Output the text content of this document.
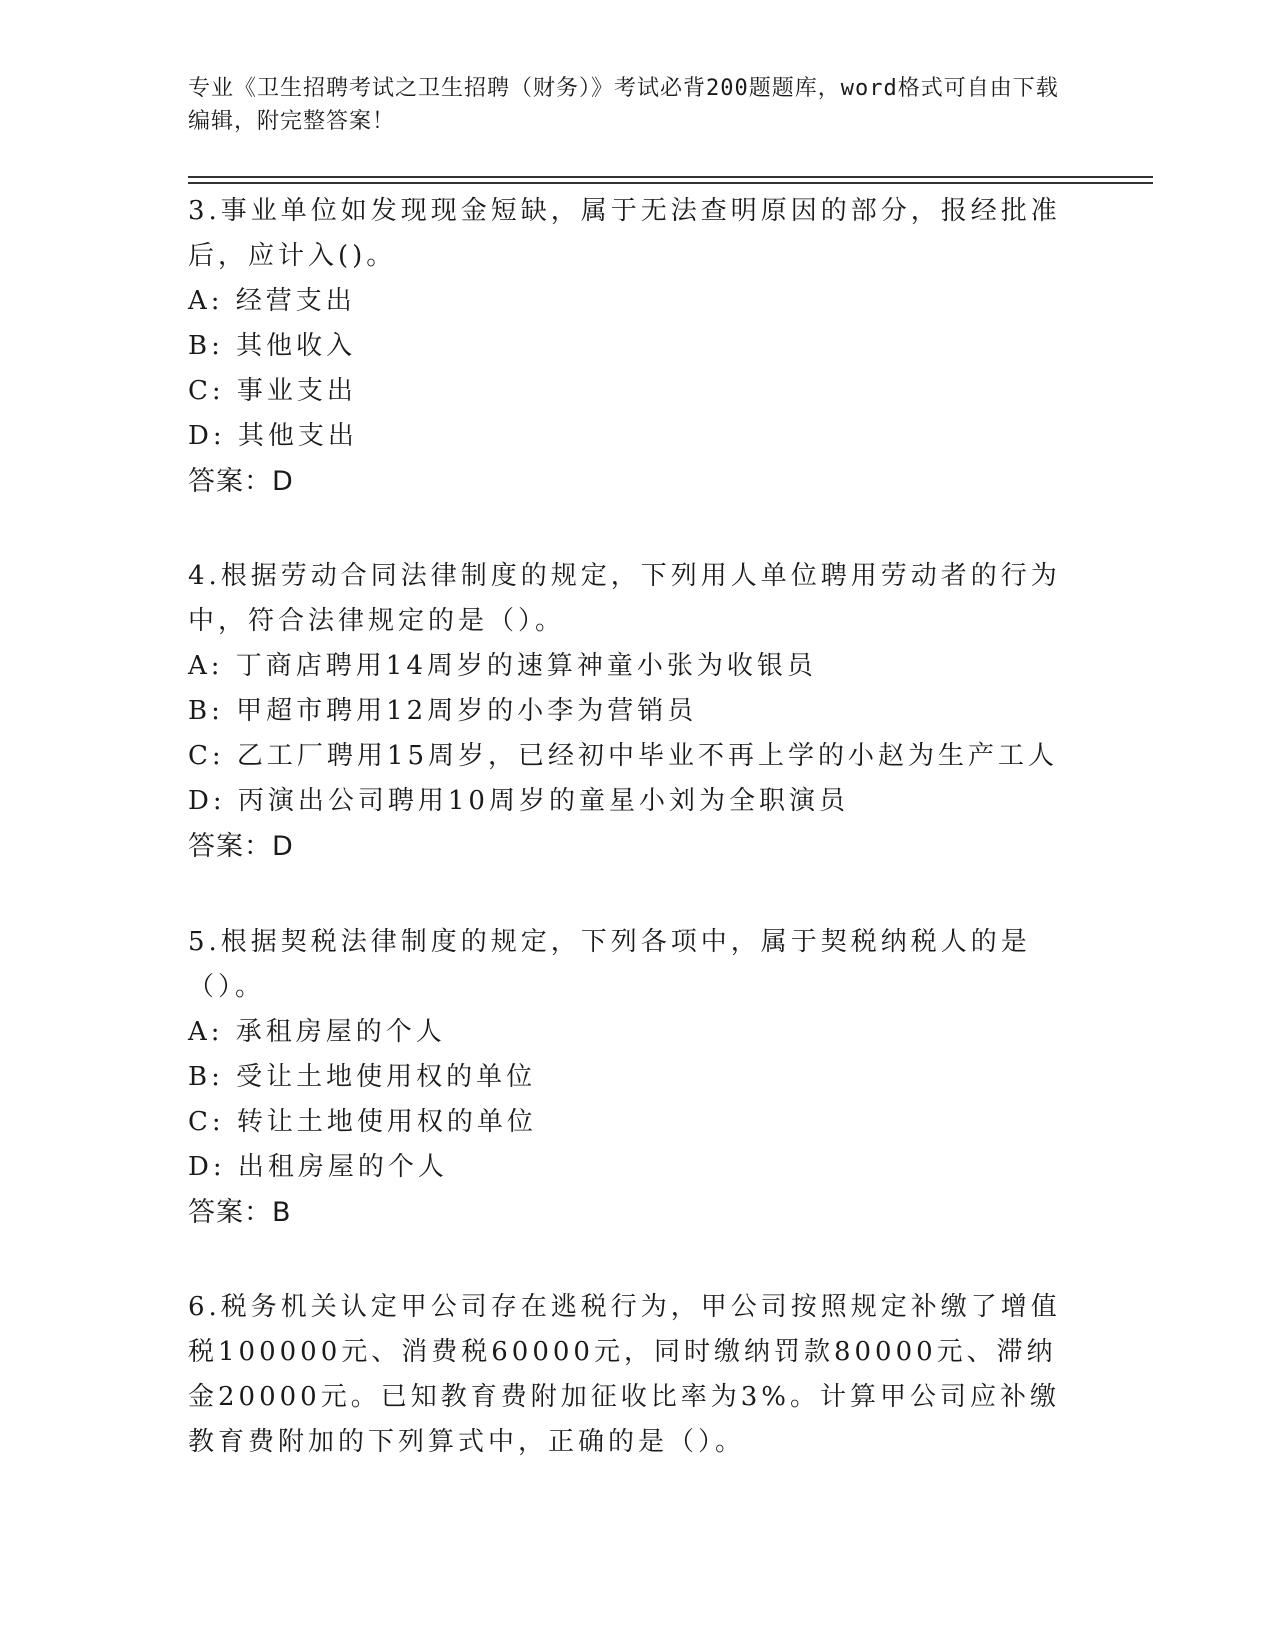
专业《卫生招聘考试之卫生招聘（财务）》考试必背200题题库，word格式可自由下载编辑，附完整答案！

3.事业单位如发现现金短缺，属于无法查明原因的部分，报经批准后，应计入()。

A: 经营支出

B: 其他收入

C: 事业支出

D: 其他支出

答案：D

4.根据劳动合同法律制度的规定，下列用人单位聘用劳动者的行为中，符合法律规定的是（）。

A: 丁商店聘用14周岁的速算神童小张为收银员

B: 甲超市聘用12周岁的小李为营销员

C: 乙工厂聘用15周岁，已经初中毕业不再上学的小赵为生产工人

D: 丙演出公司聘用10周岁的童星小刘为全职演员

答案：D

5.根据契税法律制度的规定，下列各项中，属于契税纳税人的是（）。

A: 承租房屋的个人

B: 受让土地使用权的单位

C: 转让土地使用权的单位

D: 出租房屋的个人

答案：B

6.税务机关认定甲公司存在逃税行为，甲公司按照规定补缴了增值税100000元、消费税60000元，同时缴纳罚款80000元、滞纳金20000元。已知教育费附加征收比率为3%。计算甲公司应补缴教育费附加的下列算式中，正确的是（）。
